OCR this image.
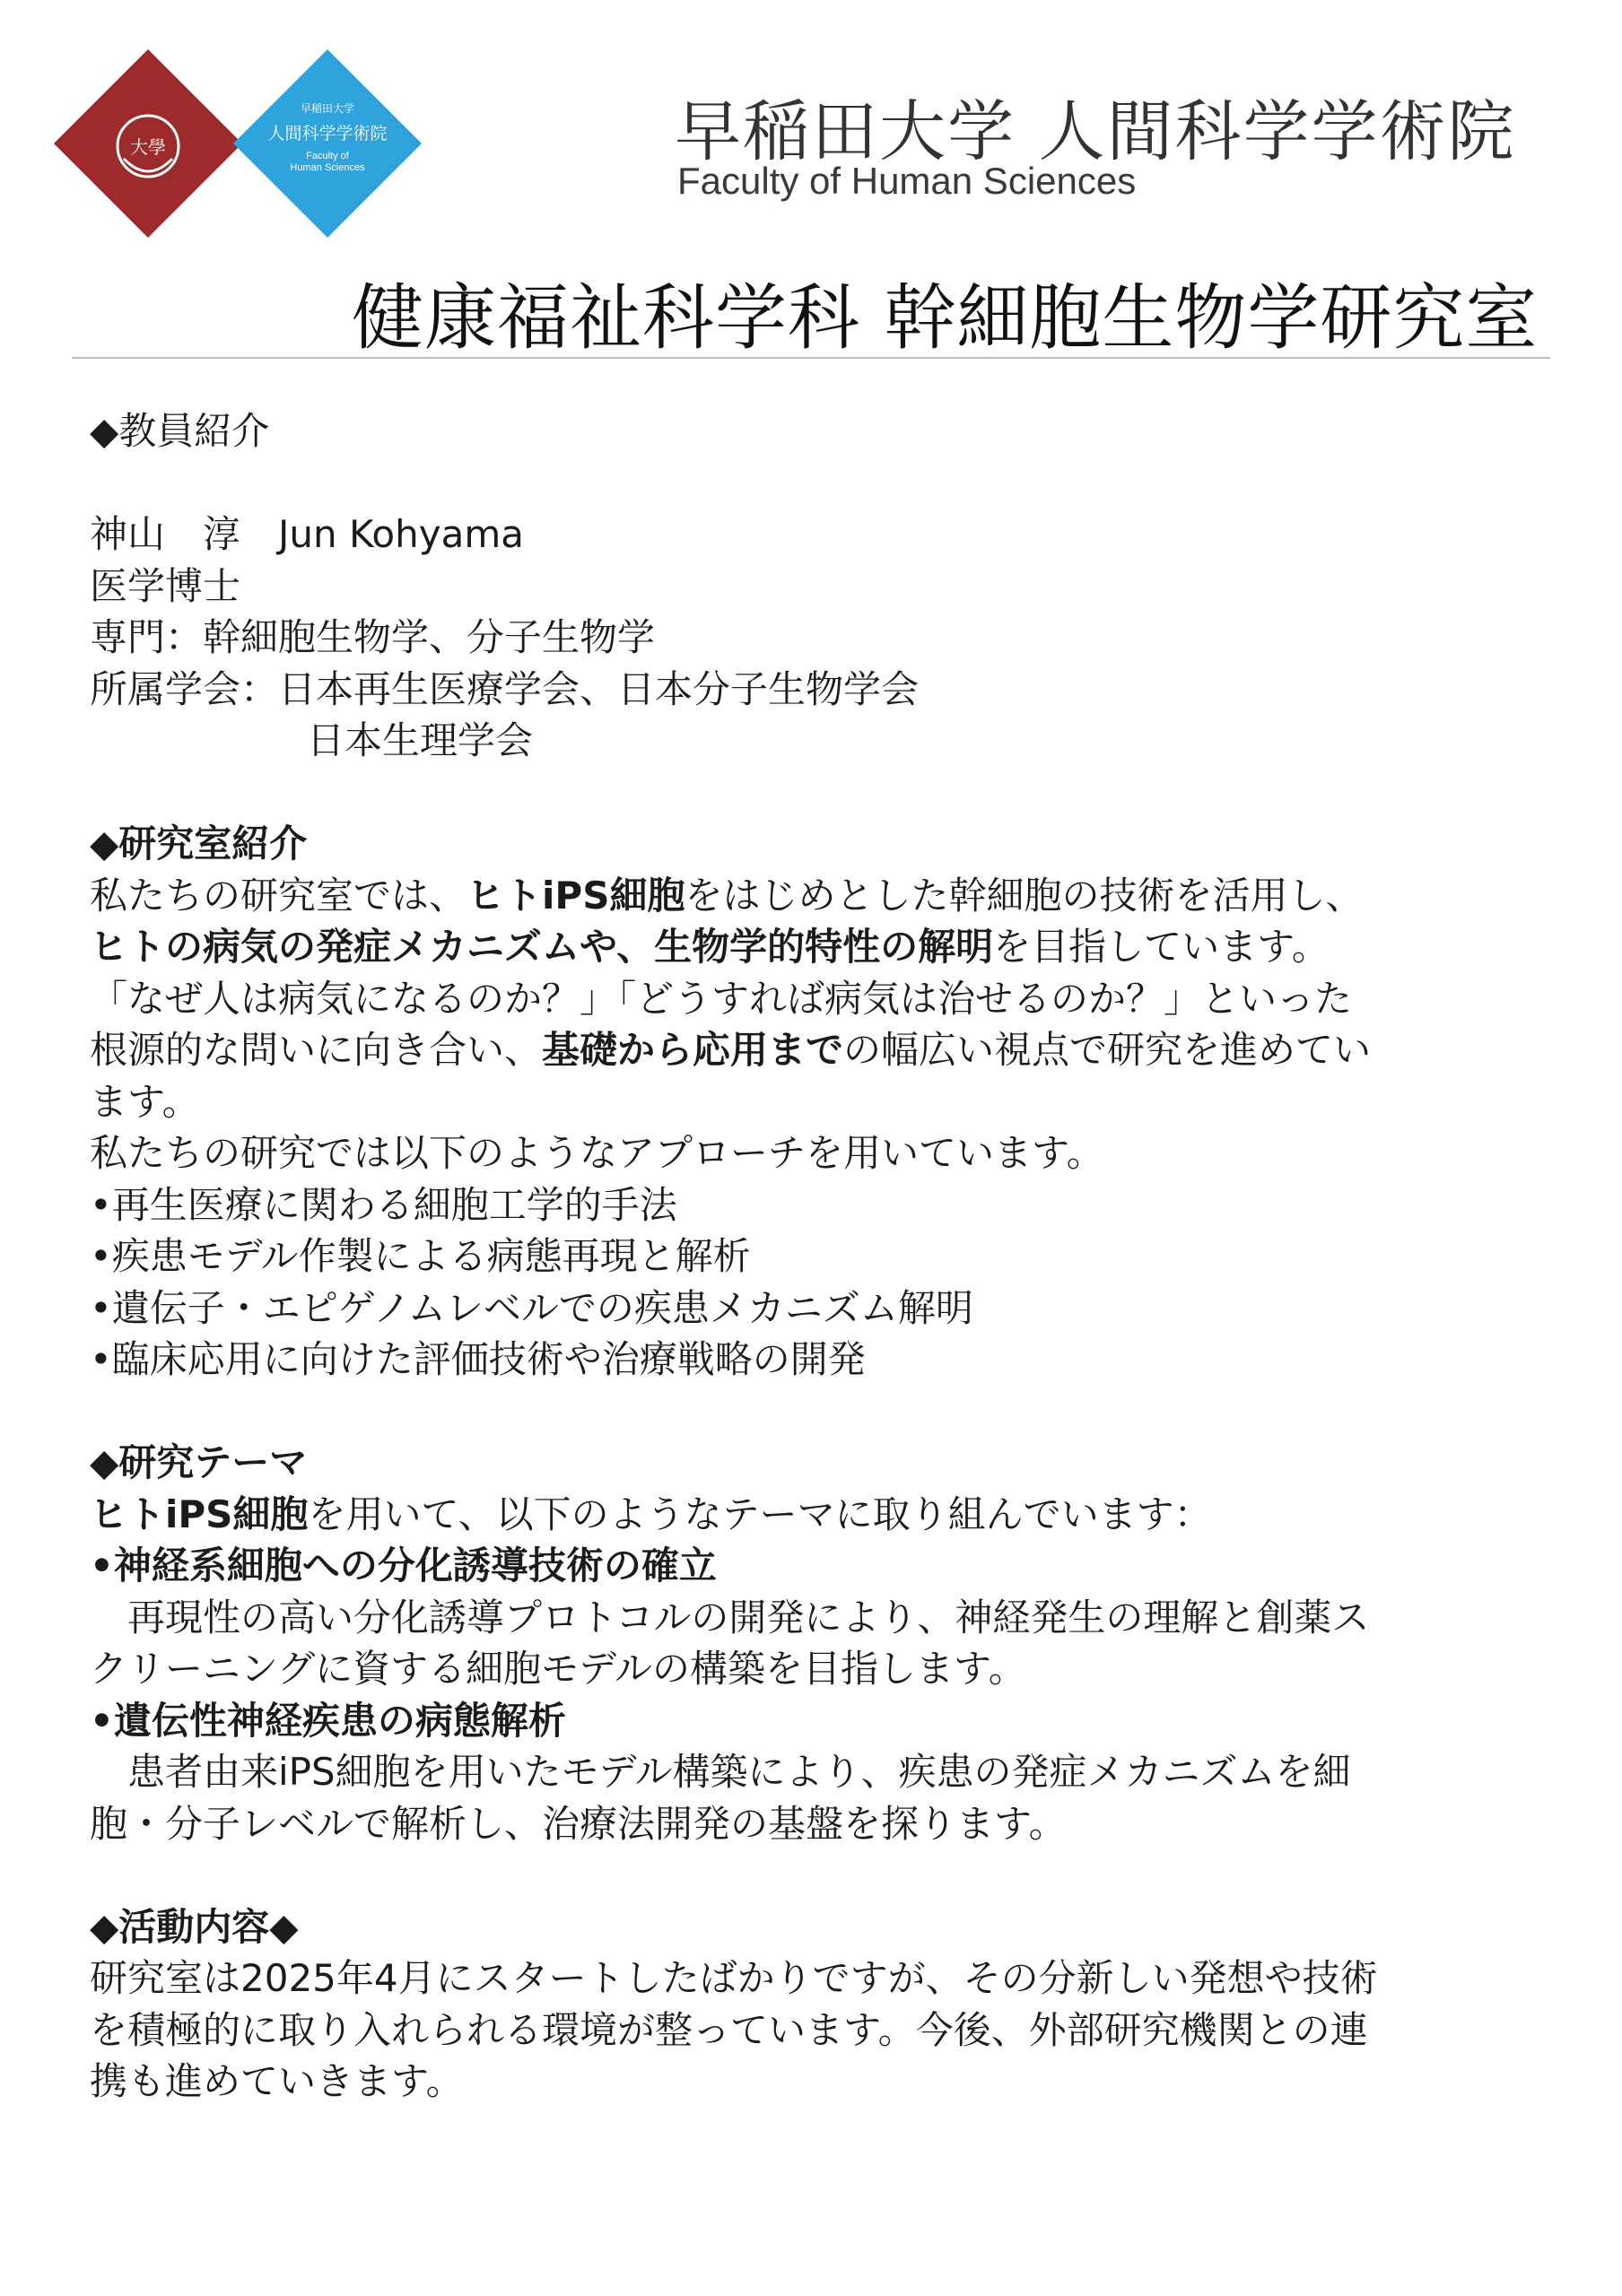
大學
早稲田大学
人間科学学術院
Faculty of
Human Sciences	早稲田大学 人間科学学術院
Faculty of Human Sciences
健康福祉科学科 幹細胞生物学研究室
◆教員紹介
神山　淳　Jun Kohyama
医学博士
専門：幹細胞生物学、分子生物学
所属学会：日本再生医療学会、日本分子生物学会
日本生理学会
◆研究室紹介
私たちの研究室では、ヒトiPS細胞をはじめとした幹細胞の技術を活用し、
ヒトの病気の発症メカニズムや、生物学的特性の解明を目指しています。
「なぜ人は病気になるのか？」「どうすれば病気は治せるのか？」といった
根源的な問いに向き合い、基礎から応用までの幅広い視点で研究を進めてい
ます。
私たちの研究では以下のようなアプローチを用いています。
•再生医療に関わる細胞工学的手法
•疾患モデル作製による病態再現と解析
•遺伝子・エピゲノムレベルでの疾患メカニズム解明
•臨床応用に向けた評価技術や治療戦略の開発
◆研究テーマ
ヒトiPS細胞を用いて、以下のようなテーマに取り組んでいます：
•神経系細胞への分化誘導技術の確立
再現性の高い分化誘導プロトコルの開発により、神経発生の理解と創薬ス
クリーニングに資する細胞モデルの構築を目指します。
•遺伝性神経疾患の病態解析
患者由来iPS細胞を用いたモデル構築により、疾患の発症メカニズムを細
胞・分子レベルで解析し、治療法開発の基盤を探ります。
◆活動内容◆
研究室は2025年4月にスタートしたばかりですが、その分新しい発想や技術
を積極的に取り入れられる環境が整っています。今後、外部研究機関との連
携も進めていきます。
